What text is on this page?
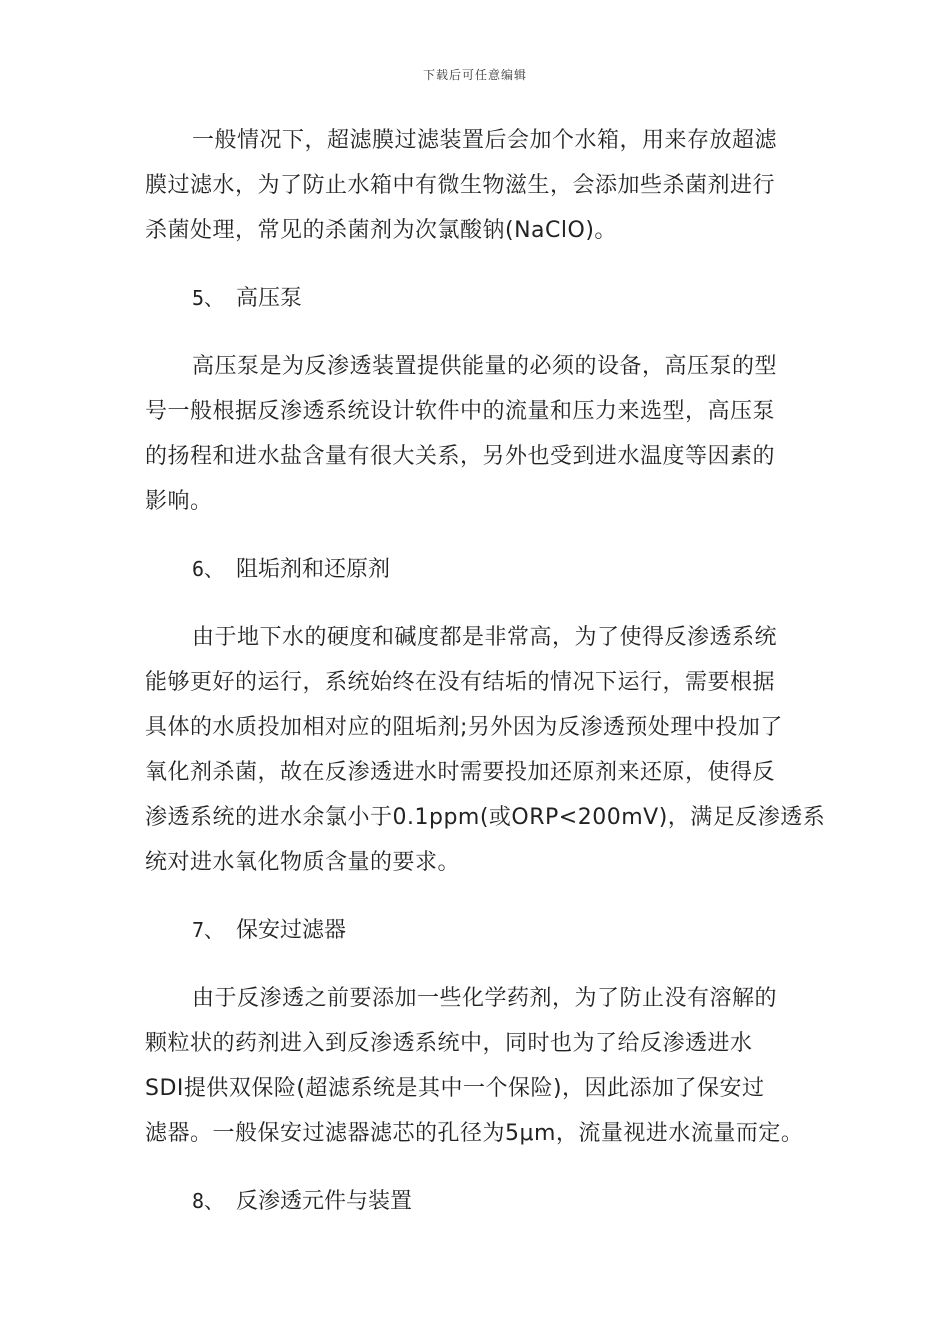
下载后可任意编辑
一般情况下，超滤膜过滤装置后会加个水箱，用来存放超滤
膜过滤水，为了防止水箱中有微生物滋生，会添加些杀菌剂进行
杀菌处理，常见的杀菌剂为次氯酸钠(NaClO)。
5、 高压泵
高压泵是为反渗透装置提供能量的必须的设备，高压泵的型
号一般根据反渗透系统设计软件中的流量和压力来选型，高压泵
的扬程和进水盐含量有很大关系，另外也受到进水温度等因素的
影响。
6、 阻垢剂和还原剂
由于地下水的硬度和碱度都是非常高，为了使得反渗透系统
能够更好的运行，系统始终在没有结垢的情况下运行，需要根据
具体的水质投加相对应的阻垢剂;另外因为反渗透预处理中投加了
氧化剂杀菌，故在反渗透进水时需要投加还原剂来还原，使得反
渗透系统的进水余氯小于0.1ppm(或ORP<200mV)，满足反渗透系
统对进水氧化物质含量的要求。
7、 保安过滤器
由于反渗透之前要添加一些化学药剂，为了防止没有溶解的
颗粒状的药剂进入到反渗透系统中，同时也为了给反渗透进水
SDI提供双保险(超滤系统是其中一个保险)，因此添加了保安过
滤器。一般保安过滤器滤芯的孔径为5μm，流量视进水流量而定。
8、 反渗透元件与装置
